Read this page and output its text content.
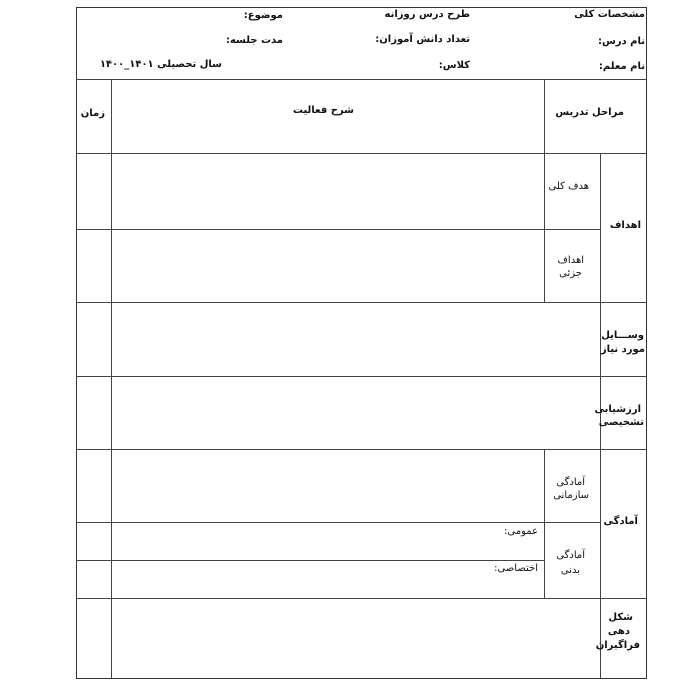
مشخصات کلی
طرح درس روزانه
موضوع:
نام درس:
تعداد دانش آموزان:
مدت جلسه:
نام معلم:
کلاس:
سال تحصیلی ۱۴۰۱_۱۴۰۰
مراحل تدریس
شرح فعالیت
زمان
اهداف
هدف کلی
اهداف
جزئی
وســـایل
مورد نیاز
ارزشیابی
تشخیصی
آمادگی
آمادگی
سازمانی
آمادگی
بدنی
عمومی:
اختصاصی:
شکل
دهی
فراگیران
